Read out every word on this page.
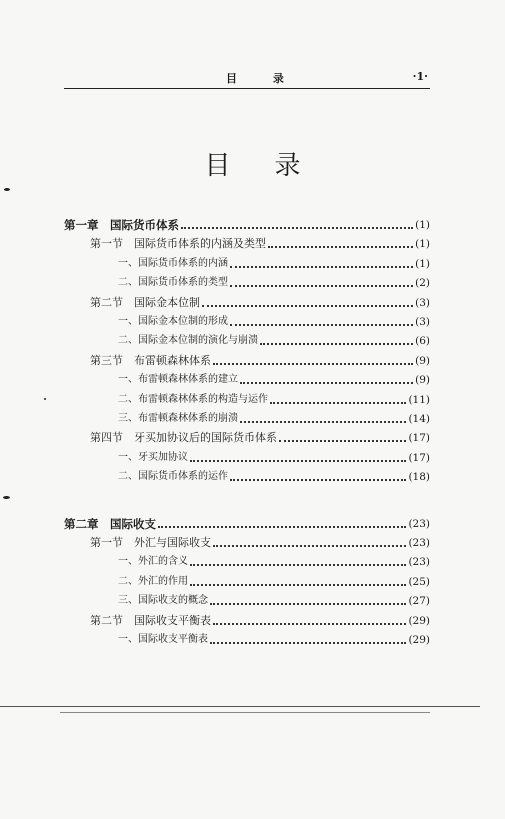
目 录	·1·
目录
第一章　国际货币体系	(1)
第一节　国际货币体系的内涵及类型	(1)
一、国际货币体系的内涵	(1)
二、国际货币体系的类型	(2)
第二节　国际金本位制	(3)
一、国际金本位制的形成	(3)
二、国际金本位制的演化与崩溃	(6)
第三节　布雷顿森林体系	(9)
一、布雷顿森林体系的建立	(9)
二、布雷顿森林体系的构造与运作	(11)
三、布雷顿森林体系的崩溃	(14)
第四节　牙买加协议后的国际货币体系	(17)
一、牙买加协议	(17)
二、国际货币体系的运作	(18)
第二章　国际收支	(23)
第一节　外汇与国际收支	(23)
一、外汇的含义	(23)
二、外汇的作用	(25)
三、国际收支的概念	(27)
第二节　国际收支平衡表	(29)
一、国际收支平衡表	(29)
